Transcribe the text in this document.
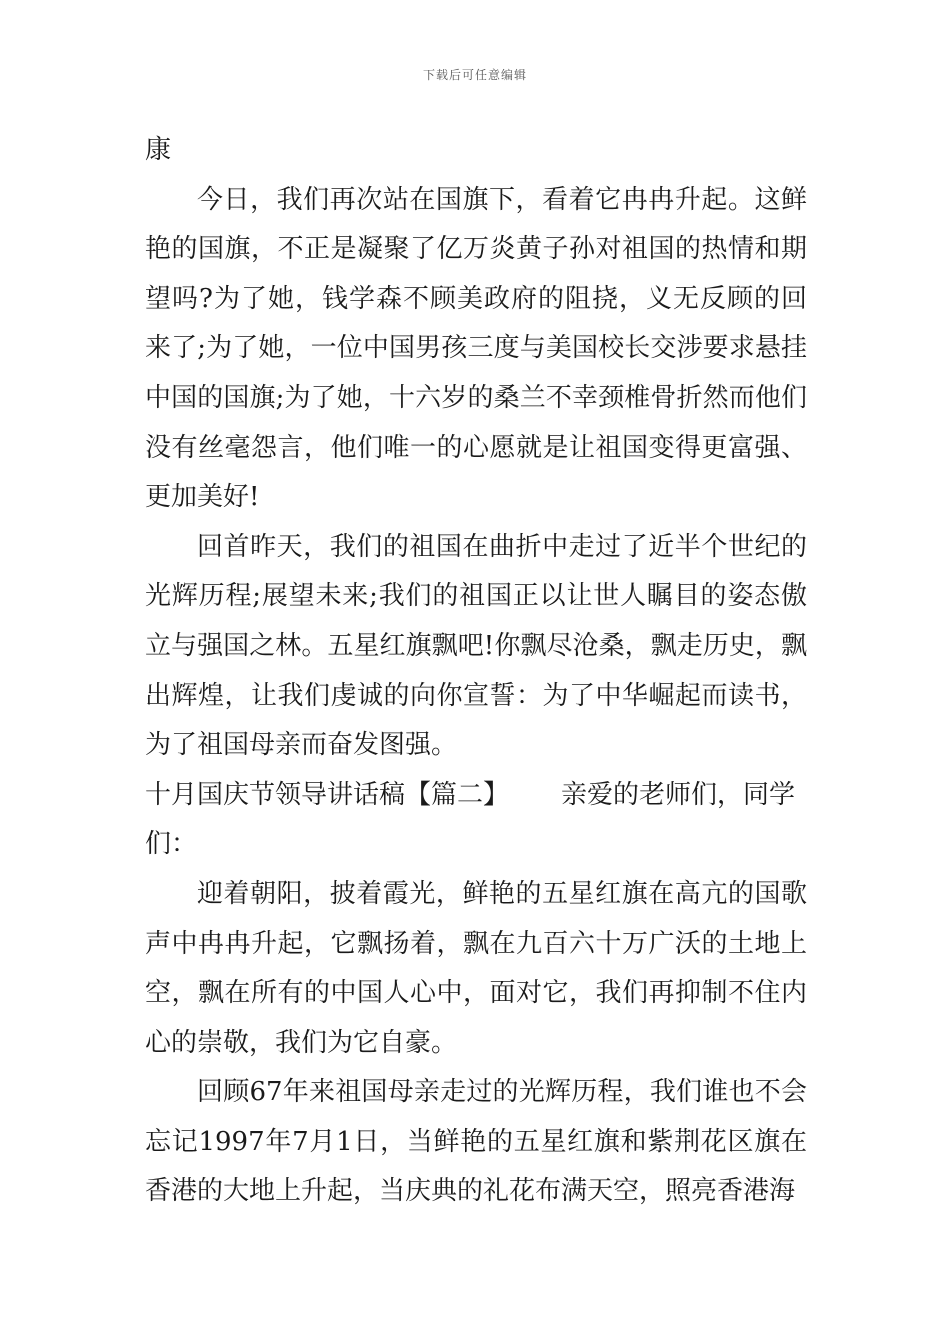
下载后可任意编辑

康

今日，我们再次站在国旗下，看着它冉冉升起。这鲜艳的国旗，不正是凝聚了亿万炎黄子孙对祖国的热情和期望吗?为了她，钱学森不顾美政府的阻挠，义无反顾的回来了;为了她，一位中国男孩三度与美国校长交涉要求悬挂中国的国旗;为了她，十六岁的桑兰不幸颈椎骨折然而他们没有丝毫怨言，他们唯一的心愿就是让祖国变得更富强、更加美好!

回首昨天，我们的祖国在曲折中走过了近半个世纪的光辉历程;展望未来;我们的祖国正以让世人瞩目的姿态傲立与强国之林。五星红旗飘吧!你飘尽沧桑，飘走历史，飘出辉煌，让我们虔诚的向你宣誓：为了中华崛起而读书，为了祖国母亲而奋发图强。

十月国庆节领导讲话稿【篇二】 亲爱的老师们，同学们：

迎着朝阳，披着霞光，鲜艳的五星红旗在高亢的国歌声中冉冉升起，它飘扬着，飘在九百六十万广沃的土地上空，飘在所有的中国人心中，面对它，我们再抑制不住内心的崇敬，我们为它自豪。

回顾67年来祖国母亲走过的光辉历程，我们谁也不会忘记1997年7月1日，当鲜艳的五星红旗和紫荆花区旗在香港的大地上升起，当庆典的礼花布满天空，照亮香港海
